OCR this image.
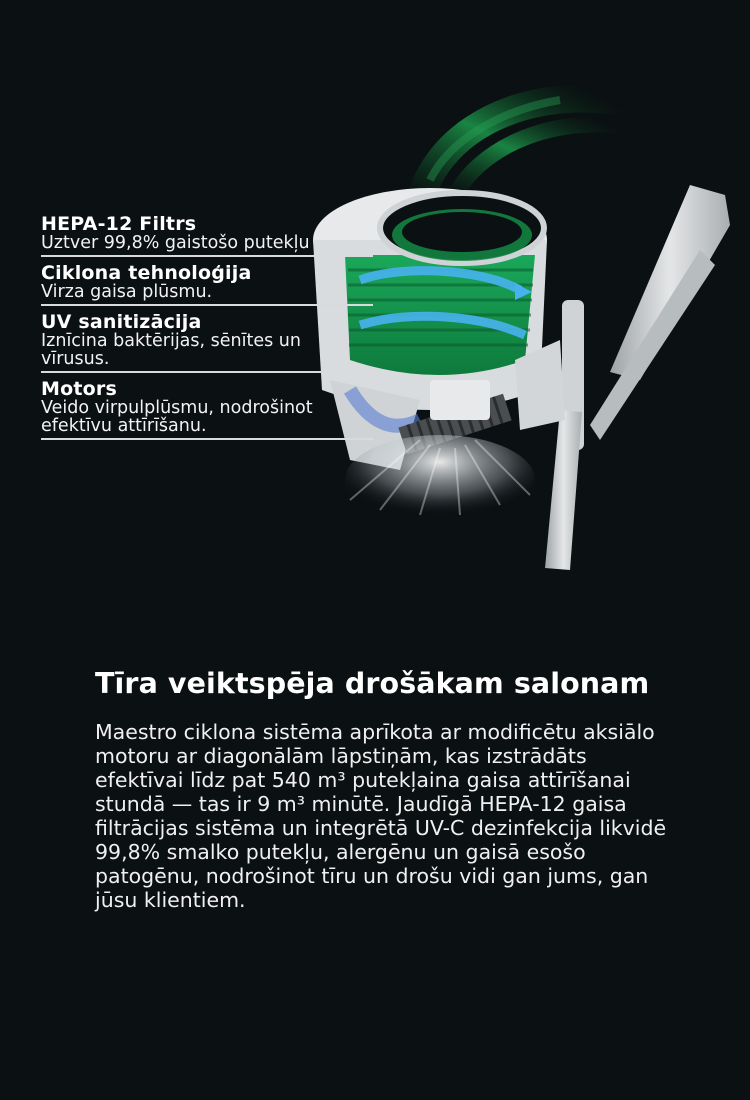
HEPA-12 Filtrs
Uztver 99,8% gaistošo putekļu
Ciklona tehnoloģija
Virza gaisa plūsmu.
UV sanitizācija
Iznīcina baktērijas, sēnītes un vīrusus.
Motors
Veido virpulplūsmu, nodrošinot efektīvu attīrīšanu.
Tīra veiktspēja drošākam salonam

Maestro ciklona sistēma aprīkota ar modificētu aksiālo motoru ar diagonālām lāpstiņām, kas izstrādāts efektīvai līdz pat 540 m³ putekļaina gaisa attīrīšanai stundā — tas ir 9 m³ minūtē. Jaudīgā HEPA-12 gaisa filtrācijas sistēma un integrētā UV-C dezinfekcija likvidē 99,8% smalko putekļu, alergēnu un gaisā esošo patogēnu, nodrošinot tīru un drošu vidi gan jums, gan jūsu klientiem.
